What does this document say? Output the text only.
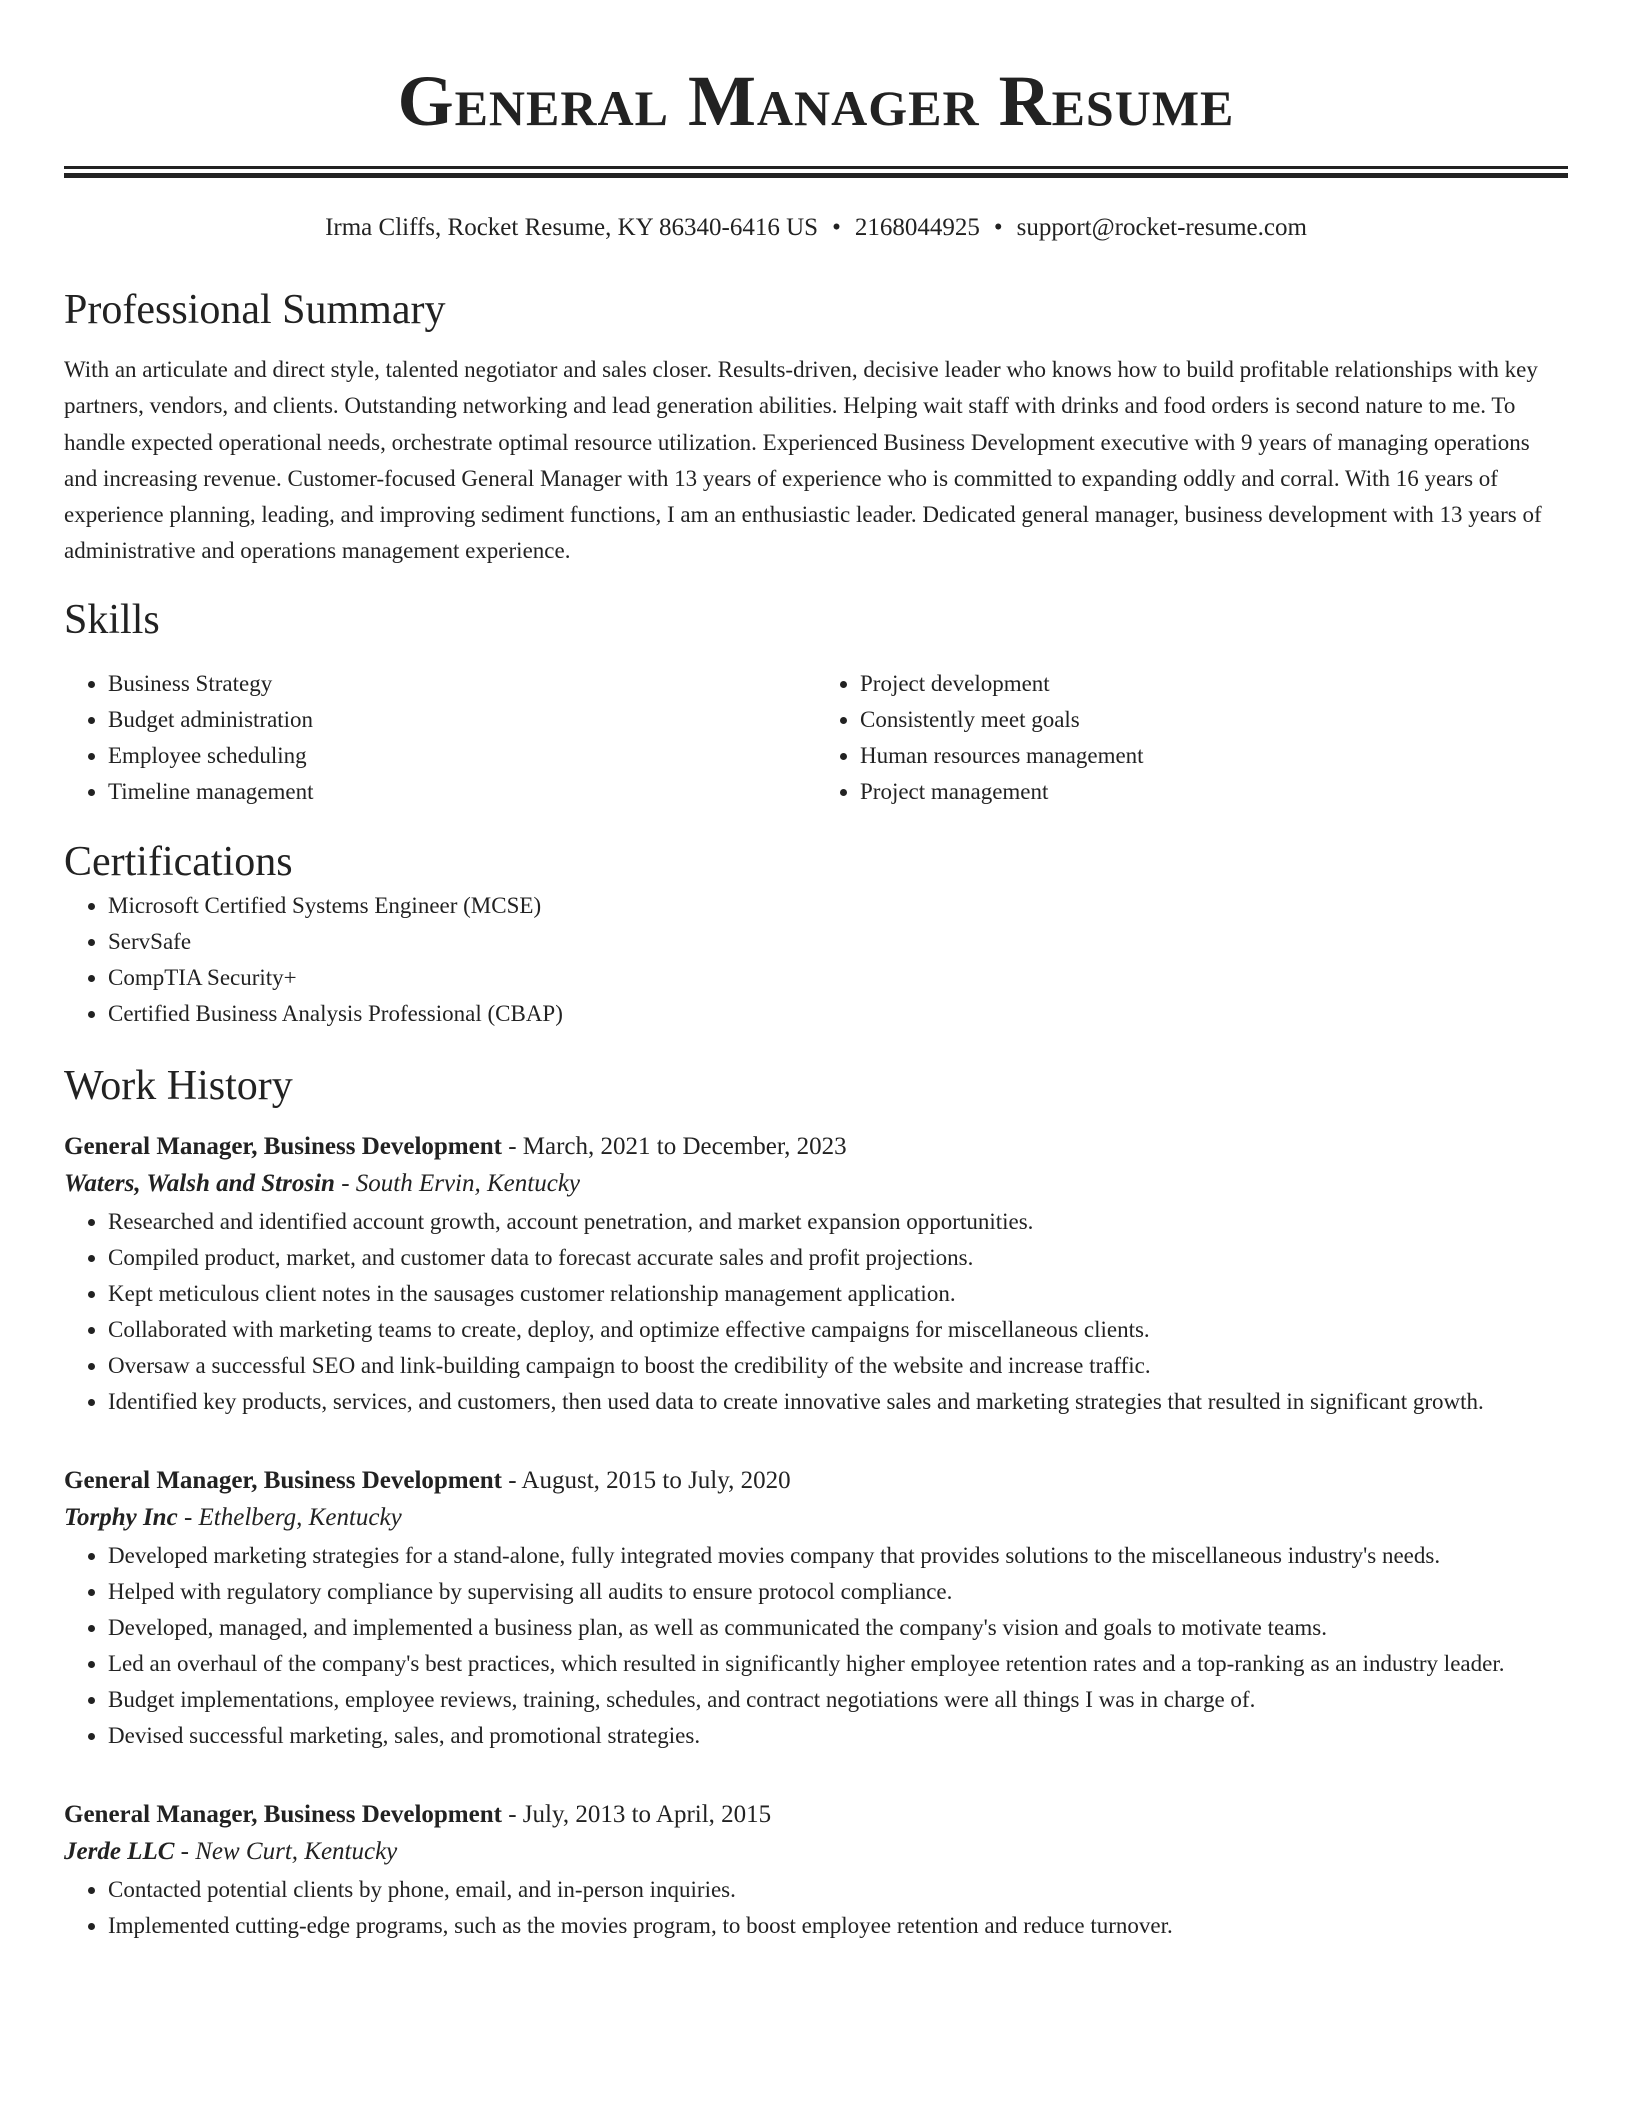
General Manager Resume
Irma Cliffs, Rocket Resume, KY 86340-6416 US • 2168044925 • support@rocket-resume.com
Professional Summary

With an articulate and direct style, talented negotiator and sales closer. Results-driven, decisive leader who knows how to build profitable relationships with key partners, vendors, and clients. Outstanding networking and lead generation abilities. Helping wait staff with drinks and food orders is second nature to me. To handle expected operational needs, orchestrate optimal resource utilization. Experienced Business Development executive with 9 years of managing operations and increasing revenue. Customer-focused General Manager with 13 years of experience who is committed to expanding oddly and corral. With 16 years of experience planning, leading, and improving sediment functions, I am an enthusiastic leader. Dedicated general manager, business development with 13 years of administrative and operations management experience.

Skills
• Business Strategy
• Budget administration
• Employee scheduling
• Timeline management
• Project development
• Consistently meet goals
• Human resources management
• Project management
Certifications
• Microsoft Certified Systems Engineer (MCSE)
• ServSafe
• CompTIA Security+
• Certified Business Analysis Professional (CBAP)
Work History
General Manager, Business Development - March, 2021 to December, 2023
Waters, Walsh and Strosin - South Ervin, Kentucky
• Researched and identified account growth, account penetration, and market expansion opportunities.
• Compiled product, market, and customer data to forecast accurate sales and profit projections.
• Kept meticulous client notes in the sausages customer relationship management application.
• Collaborated with marketing teams to create, deploy, and optimize effective campaigns for miscellaneous clients.
• Oversaw a successful SEO and link-building campaign to boost the credibility of the website and increase traffic.
• Identified key products, services, and customers, then used data to create innovative sales and marketing strategies that resulted in significant growth.
General Manager, Business Development - August, 2015 to July, 2020
Torphy Inc - Ethelberg, Kentucky
• Developed marketing strategies for a stand-alone, fully integrated movies company that provides solutions to the miscellaneous industry's needs.
• Helped with regulatory compliance by supervising all audits to ensure protocol compliance.
• Developed, managed, and implemented a business plan, as well as communicated the company's vision and goals to motivate teams.
• Led an overhaul of the company's best practices, which resulted in significantly higher employee retention rates and a top-ranking as an industry leader.
• Budget implementations, employee reviews, training, schedules, and contract negotiations were all things I was in charge of.
• Devised successful marketing, sales, and promotional strategies.
General Manager, Business Development - July, 2013 to April, 2015
Jerde LLC - New Curt, Kentucky
• Contacted potential clients by phone, email, and in-person inquiries.
• Implemented cutting-edge programs, such as the movies program, to boost employee retention and reduce turnover.
